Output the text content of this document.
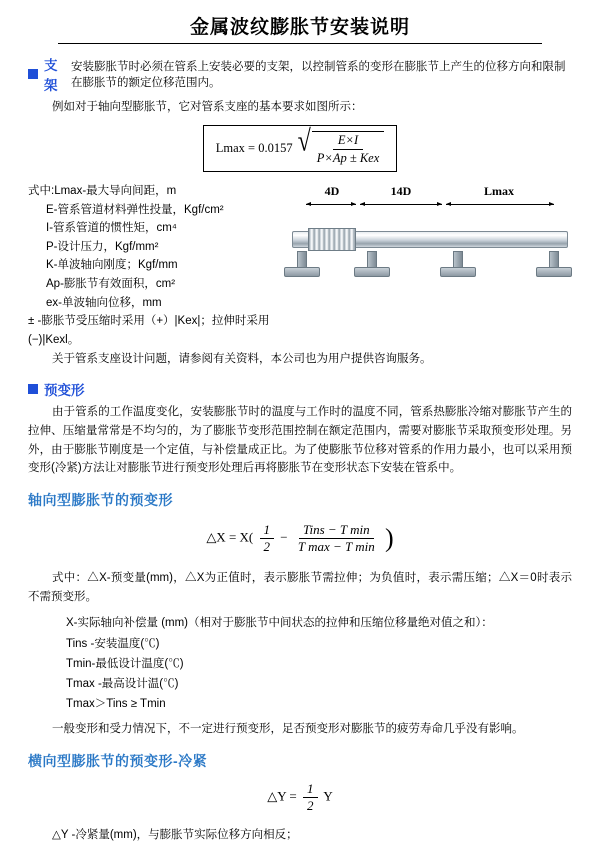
金属波纹膨胀节安装说明
支架
安装膨胀节时必须在管系上安装必要的支架，以控制管系的变形在膨胀节上产生的位移方向和限制在膨胀节的额定位移范围内。

例如对于轴向型膨胀节，它对管系支座的基本要求如图所示：

Lmax = 0.0157 √ $\frac{E\times I}{\text{P×Ap ± Kex}}$
式中:Lmax-最大导向间距，m
E-管系管道材料弹性投量，Kgf/cm²
I-管系管道的惯性矩，cm⁴
P-设计压力，Kgf/mm²
K-单波轴向刚度；Kgf/mm
Ap-膨胀节有效面积，cm²
ex-单波轴向位移，mm
± -膨胀节受压缩时采用（+）|Kex|；拉伸时采用(−)|Kexl。
4D	14D	Lmax

关于管系支座设计问题，请参阅有关资料，本公司也为用户提供咨询服务。

预变形

由于管系的工作温度变化，安装膨胀节时的温度与工作时的温度不同，管系热膨胀冷缩对膨胀节产生的拉伸、压缩量常常是不均匀的，为了膨胀节变形范围控制在额定范围内，需要对膨胀节采取预变形处理。另外，由于膨胀节刚度是一个定值，与补偿量成正比。为了使膨胀节位移对管系的作用力最小，也可以采用预变形(冷紧)方法让对膨胀节进行预变形处理后再将膨胀节在变形状态下安装在管系中。

轴向型膨胀节的预变形
△X = $X( \frac{1}{2}$ −	Tins − T min
T max − T min )

式中：△X-预变量(mm)，△X为正值时，表示膨胀节需拉伸；为负值时，表示需压缩；△X＝0时表示不需预变形。

X-实际轴向补偿量 (mm)（相对于膨胀节中间状态的拉伸和压缩位移量绝对值之和）：
Tins -安装温度(℃)
Tmin-最低设计温度(℃)
Tmax -最高设计温(℃)
Tmax＞Tins ≥ Tmin

一般变形和受力情况下，不一定进行预变形，足否预变形对膨胀节的疲劳寿命几乎没有影响。

横向型膨胀节的预变形-冷紧
△Y = $\frac{1}{2}$ Y

△Y -冷紧量(mm)，与膨胀节实际位移方向相反；
